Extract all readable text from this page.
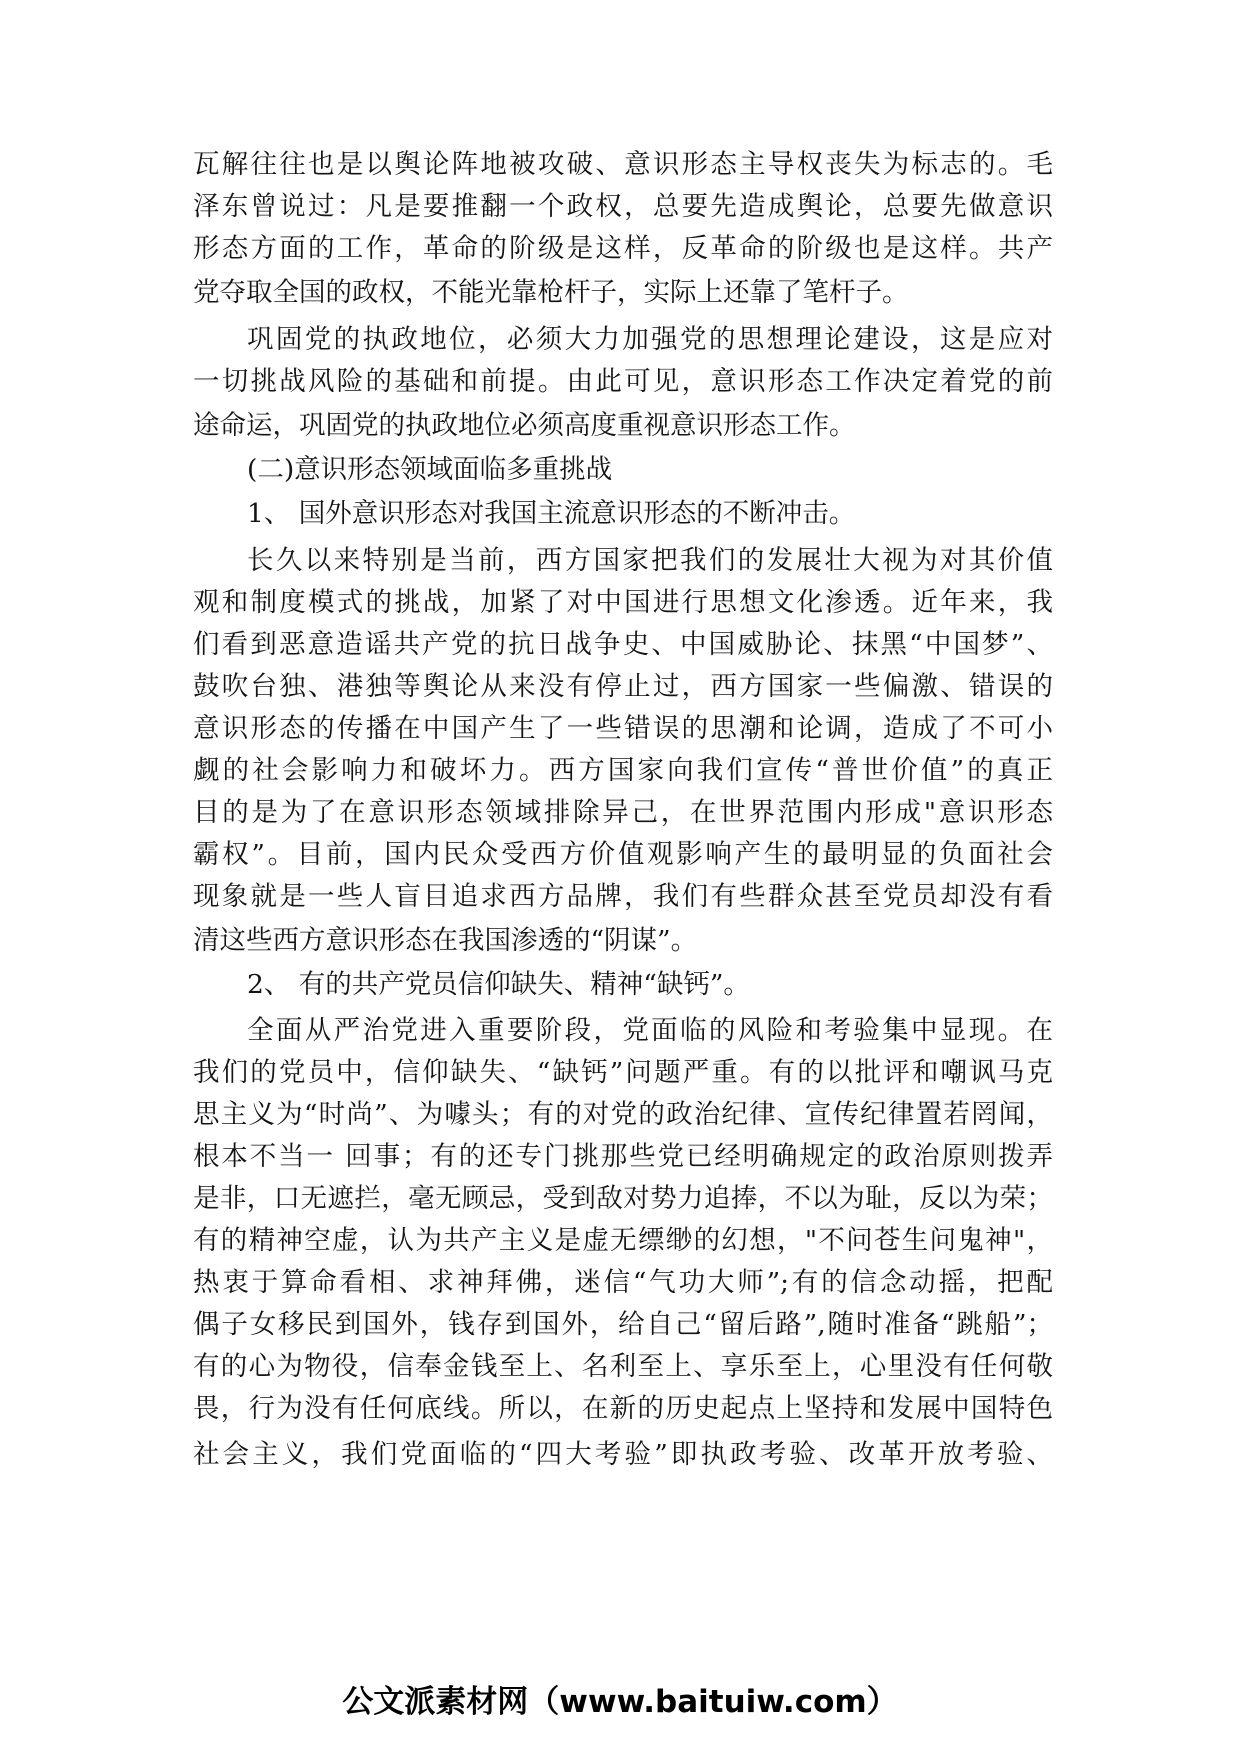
瓦解往往也是以舆论阵地被攻破、意识形态主导权丧失为标志的。毛
泽东曾说过：凡是要推翻一个政权，总要先造成舆论，总要先做意识
形态方面的工作，革命的阶级是这样，反革命的阶级也是这样。共产
党夺取全国的政权，不能光靠枪杆子，实际上还靠了笔杆子。
巩固党的执政地位，必须大力加强党的思想理论建设，这是应对
一切挑战风险的基础和前提。由此可见，意识形态工作决定着党的前
途命运，巩固党的执政地位必须高度重视意识形态工作。
(二)意识形态领域面临多重挑战
1、 国外意识形态对我国主流意识形态的不断冲击。
长久以来特别是当前，西方国家把我们的发展壮大视为对其价值
观和制度模式的挑战，加紧了对中国进行思想文化渗透。近年来，我
们看到恶意造谣共产党的抗日战争史、中国威胁论、抹黑“中国梦”、
鼓吹台独、港独等舆论从来没有停止过，西方国家一些偏激、错误的
意识形态的传播在中国产生了一些错误的思潮和论调，造成了不可小
觑的社会影响力和破坏力。西方国家向我们宣传“普世价值”的真正
目的是为了在意识形态领域排除异己，在世界范围内形成"意识形态
霸权”。目前，国内民众受西方价值观影响产生的最明显的负面社会
现象就是一些人盲目追求西方品牌，我们有些群众甚至党员却没有看
清这些西方意识形态在我国渗透的“阴谋”。
2、 有的共产党员信仰缺失、精神“缺钙”。
全面从严治党进入重要阶段，党面临的风险和考验集中显现。在
我们的党员中，信仰缺失、“缺钙”问题严重。有的以批评和嘲讽马克
思主义为“时尚”、为噱头；有的对党的政治纪律、宣传纪律置若罔闻，
根本不当一 回事；有的还专门挑那些党已经明确规定的政治原则拨弄
是非，口无遮拦，毫无顾忌，受到敌对势力追捧，不以为耻，反以为荣；
有的精神空虚，认为共产主义是虚无缥缈的幻想，"不问苍生问鬼神"，
热衷于算命看相、求神拜佛，迷信“气功大师”;有的信念动摇，把配
偶子女移民到国外，钱存到国外，给自己“留后路”,随时准备“跳船”；
有的心为物役，信奉金钱至上、名利至上、享乐至上，心里没有任何敬
畏，行为没有任何底线。所以，在新的历史起点上坚持和发展中国特色
社会主义，我们党面临的“四大考验”即执政考验、改革开放考验、
公文派素材网（www.baituiw.com）
